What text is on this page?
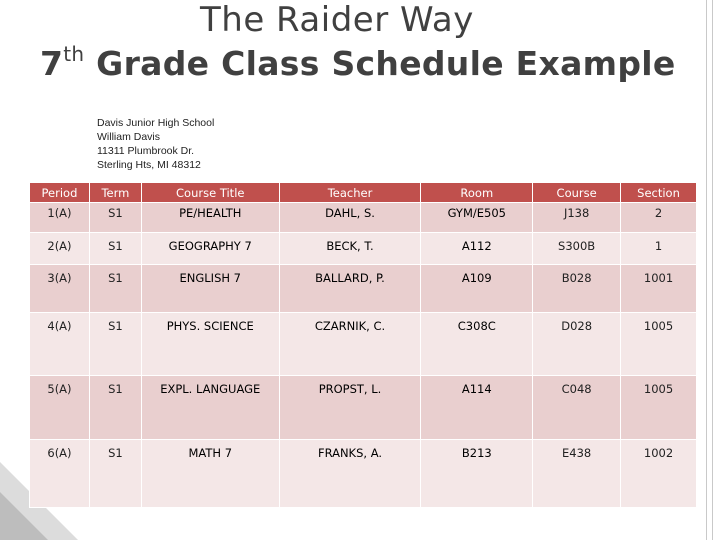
The Raider Way
7th Grade Class Schedule Example
Davis Junior High School
William Davis
11311 Plumbrook Dr.
Sterling Hts, MI 48312
Period	Term	Course Title	Teacher	Room	Course	Section
1(A)	S1	PE/HEALTH	DAHL, S.	GYM/E505	J138	2
2(A)	S1	GEOGRAPHY 7	BECK, T.	A112	S300B	1
3(A)	S1	ENGLISH 7	BALLARD, P.	A109	B028	1001
4(A)	S1	PHYS. SCIENCE	CZARNIK, C.	C308C	D028	1005
5(A)	S1	EXPL. LANGUAGE	PROPST, L.	A114	C048	1005
6(A)	S1	MATH 7	FRANKS, A.	B213	E438	1002
